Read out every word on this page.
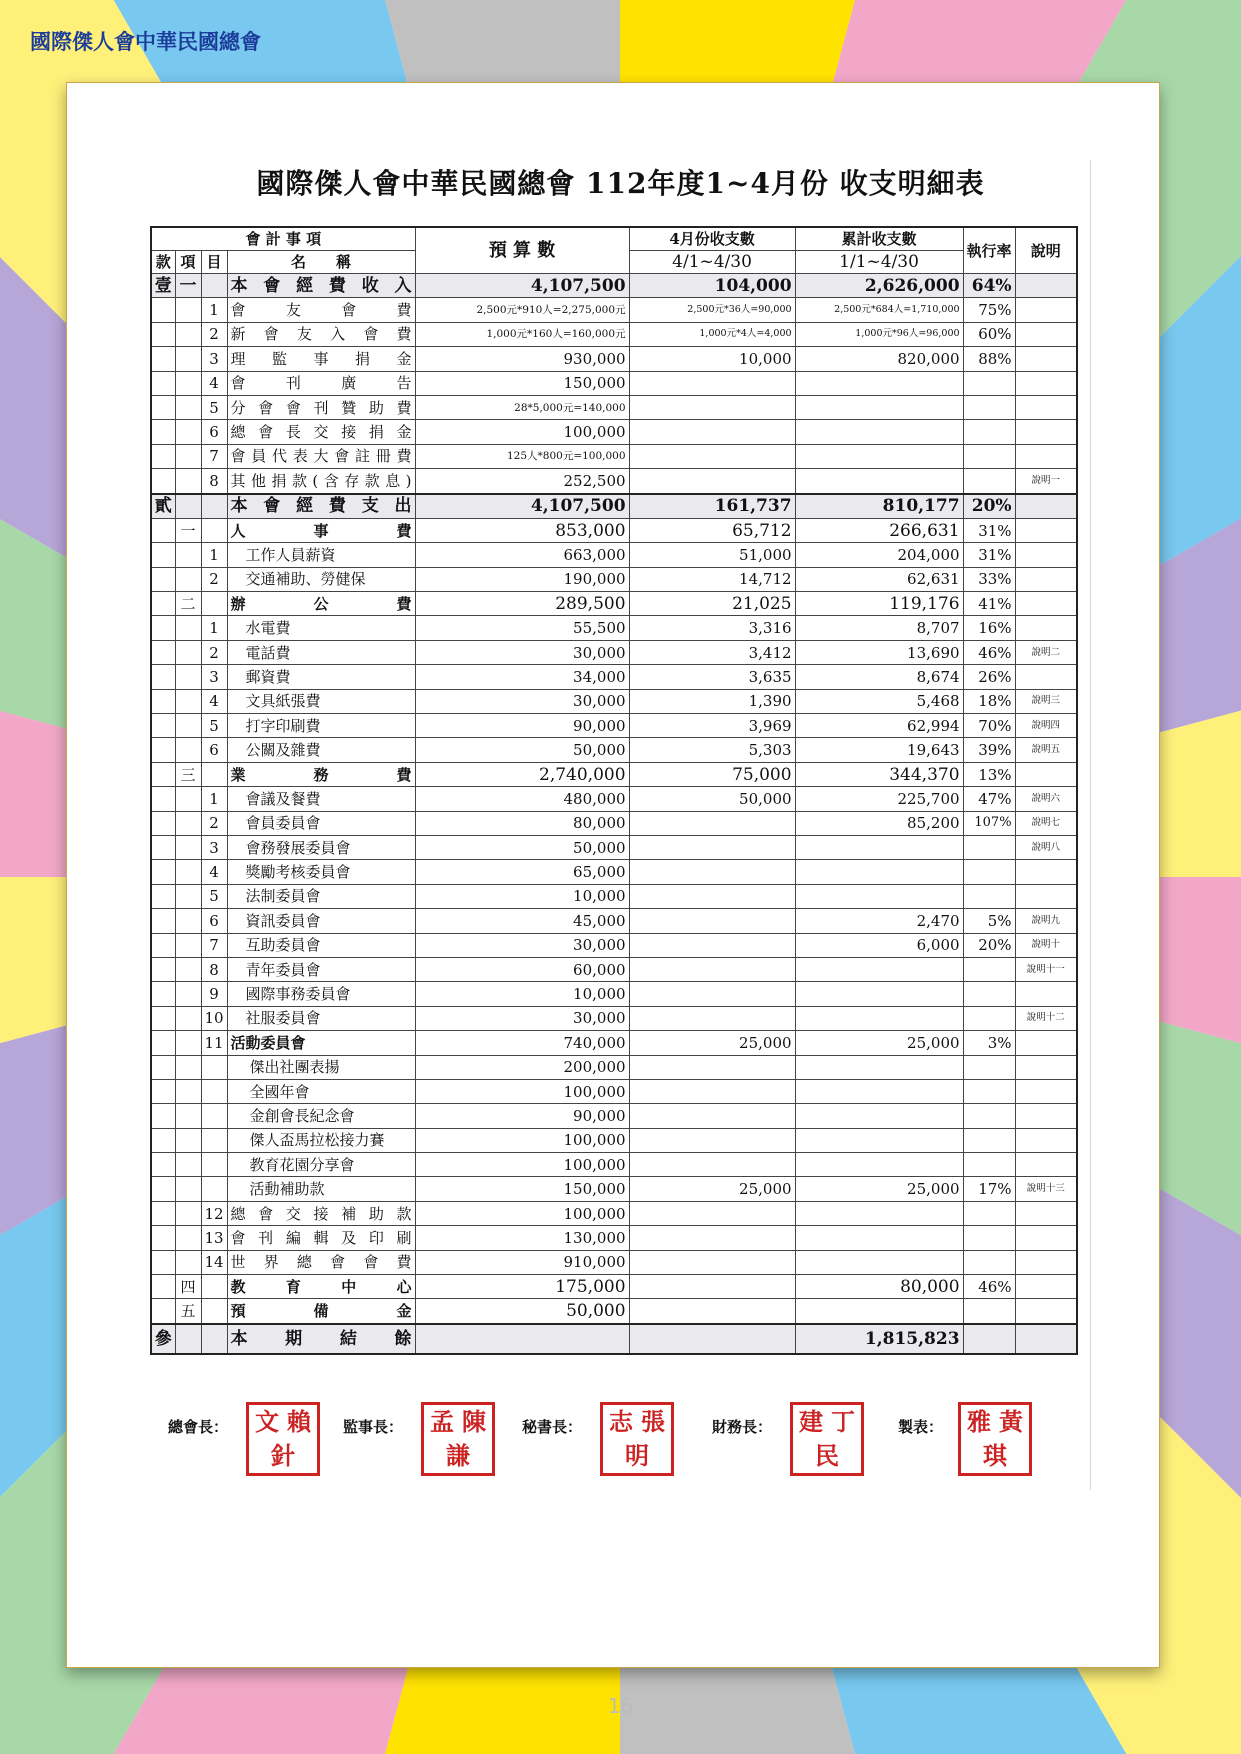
國際傑人會中華民國總會
國際傑人會中華民國總會 112年度1~4月份 收支明細表
會 計 事 項				預 算 數	4月份收支數	累計收支數	執行率	說明
款	項	目	名　　稱		4/1~4/30	1/1~4/30		
壹	一		本 會 經 費 收 入	4,107,500	104,000	2,626,000	64%	
		1	會友會費	2,500元*910人=2,275,000元	2,500元*36人=90,000	2,500元*684人=1,710,000	75%	
		2	新會友入會費	1,000元*160人=160,000元	1,000元*4人=4,000	1,000元*96人=96,000	60%	
		3	理監事捐金	930,000	10,000	820,000	88%	
		4	會刊廣告	150,000				
		5	分會會刊贊助費	28*5,000元=140,000				
		6	總會長交接捐金	100,000				
		7	會員代表大會註冊費	125人*800元=100,000				
		8	其他捐款(含存款息)	252,500				說明一
貳			本 會 經 費 支 出	4,107,500	161,737	810,177	20%	
	一		人事費	853,000	65,712	266,631	31%	
		1	工作人員薪資	663,000	51,000	204,000	31%	
		2	交通補助、勞健保	190,000	14,712	62,631	33%	
	二		辦公費	289,500	21,025	119,176	41%	
		1	水電費	55,500	3,316	8,707	16%	
		2	電話費	30,000	3,412	13,690	46%	說明二
		3	郵資費	34,000	3,635	8,674	26%	
		4	文具紙張費	30,000	1,390	5,468	18%	說明三
		5	打字印刷費	90,000	3,969	62,994	70%	說明四
		6	公關及雜費	50,000	5,303	19,643	39%	說明五
	三		業務費	2,740,000	75,000	344,370	13%	
		1	會議及餐費	480,000	50,000	225,700	47%	說明六
		2	會員委員會	80,000		85,200	107%	說明七
		3	會務發展委員會	50,000				說明八
		4	獎勵考核委員會	65,000				
		5	法制委員會	10,000				
		6	資訊委員會	45,000		2,470	5%	說明九
		7	互助委員會	30,000		6,000	20%	說明十
		8	青年委員會	60,000				說明十一
		9	國際事務委員會	10,000				
		10	社服委員會	30,000				說明十二
		11	活動委員會	740,000	25,000	25,000	3%	
			傑出社團表揚	200,000				
			全國年會	100,000				
			金創會長紀念會	90,000				
			傑人盃馬拉松接力賽	100,000				
			教育花園分享會	100,000				
			活動補助款	150,000	25,000	25,000	17%	說明十三
		12	總會交接補助款	100,000				
		13	會刊編輯及印刷	130,000				
		14	世界總會會費	910,000				
	四		教育中心	175,000		80,000	46%	
	五		預備金	50,000				
參			本　期　結　餘			1,815,823		
總會長： 文 賴
針
監事長： 孟 陳
謙
秘書長： 志 張
明
財務長： 建 丁
民
製表： 雅 黃
琪
16
